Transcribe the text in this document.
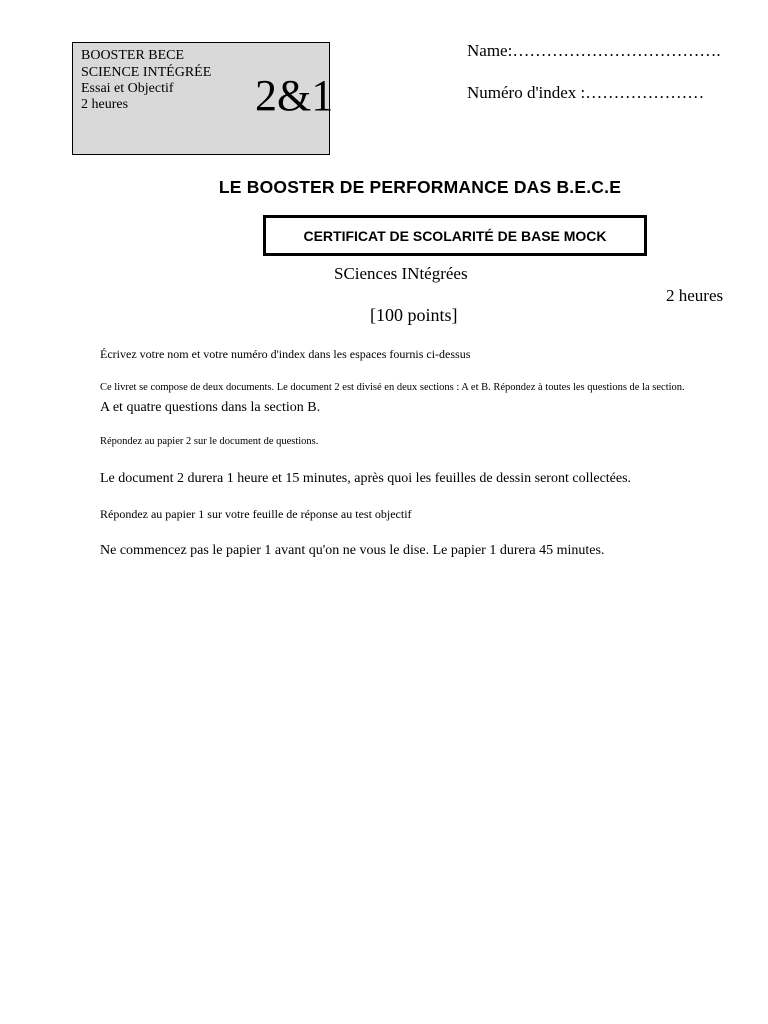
BOOSTER BECE
SCIENCE INTÉGRÉE
Essai et Objectif
2 heures	2&1
Name:……………………………….
Numéro d'index :…………………
LE BOOSTER DE PERFORMANCE DAS B.E.C.E
CERTIFICAT DE SCOLARITÉ DE BASE MOCK
SCiences INtégrées
2 heures
[100 points]
Écrivez votre nom et votre numéro d'index dans les espaces fournis ci-dessus
Ce livret se compose de deux documents. Le document 2 est divisé en deux sections : A et B. Répondez à toutes les questions de la section.
A et quatre questions dans la section B.
Répondez au papier 2 sur le document de questions.
Le document 2 durera 1 heure et 15 minutes, après quoi les feuilles de dessin seront collectées.
Répondez au papier 1 sur votre feuille de réponse au test objectif
Ne commencez pas le papier 1 avant qu'on ne vous le dise. Le papier 1 durera 45 minutes.
